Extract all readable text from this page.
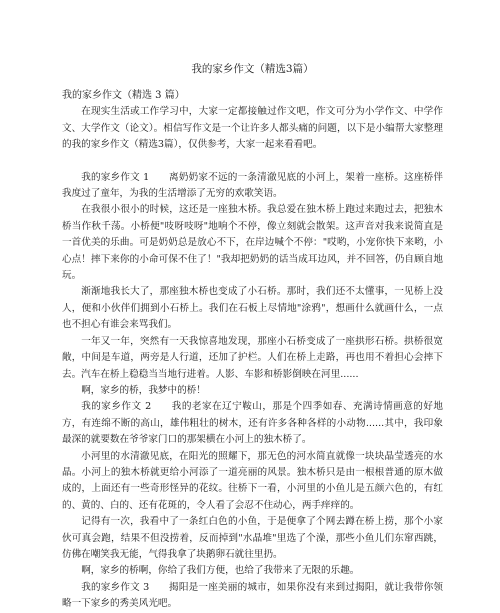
我的家乡作文（精选3篇）
我的家乡作文（精选 3 篇）

在现实生活或工作学习中，大家一定都接触过作文吧，作文可分为小学作文、中学作文、大学作文（论文）。相信写作文是一个让许多人都头痛的问题，以下是小编帮大家整理的我的家乡作文（精选3篇），仅供参考，大家一起来看看吧。

我的家乡作文 1　　离奶奶家不远的一条清澈见底的小河上，架着一座桥。这座桥伴我度过了童年，为我的生活增添了无穷的欢歌笑语。

在我很小很小的时候，这还是一座独木桥。我总爱在独木桥上跑过来跑过去，把独木桥当作秋千荡。小桥便"吱呀吱呀"地响个不停，像立刻就会散架。这声音对我来说简直是一首优美的乐曲。可是奶奶总是放心不下，在岸边喊个不停："哎哟，小宠你快下来哟，小心点！摔下来你的小命可保不住了！"我却把奶奶的话当成耳边风，并不回答，仍自顾自地玩。

渐渐地我长大了，那座独木桥也变成了小石桥。那时，我们还不太懂事，一见桥上没人，便和小伙伴们拥到小石桥上。我们在石板上尽情地"涂鸦"，想画什么就画什么，一点也不担心有谁会来骂我们。

一年又一年，突然有一天我惊喜地发现，那座小石桥变成了一座拱形石桥。拱桥很宽敞，中间是车道，两旁是人行道，还加了护栏。人们在桥上走路，再也用不着担心会摔下去。汽车在桥上稳稳当当地行进着。人影、车影和桥影倒映在河里......

啊，家乡的桥，我梦中的桥！

我的家乡作文 2　　我的老家在辽宁鞍山，那是个四季如春、充满诗情画意的好地方，有连绵不断的高山，雄伟粗壮的树木，还有许多各种各样的小动物......其中，我印象最深的就要数在爷爷家门口的那架横在小河上的独木桥了。

小河里的水清澈见底，在阳光的照耀下，那无色的河水简直就像一块块晶莹透亮的水晶。小河上的独木桥就更给小河添了一道亮丽的风景。独木桥只是由一根根普通的原木做成的，上面还有一些奇形怪异的花纹。往桥下一看，小河里的小鱼儿是五颜六色的，有红的、黄的、白的、还有花斑的，令人看了会忍不住动心，两手痒痒的。

记得有一次，我看中了一条红白色的小鱼，于是便拿了个网去蹲在桥上捞，那个小家伙可真会跑，结果不但没捞着，反而掉到"水晶堆"里选了个澡，那些小鱼儿们东窜西跳，仿佛在嘲笑我无能，气得我拿了块鹅卵石就往里扔。

啊，家乡的桥啊，你给了我们方便，也给了我带来了无限的乐趣。

我的家乡作文 3　　揭阳是一座美丽的城市，如果你没有来到过揭阳，就让我带你领略一下家乡的秀美风光吧。
